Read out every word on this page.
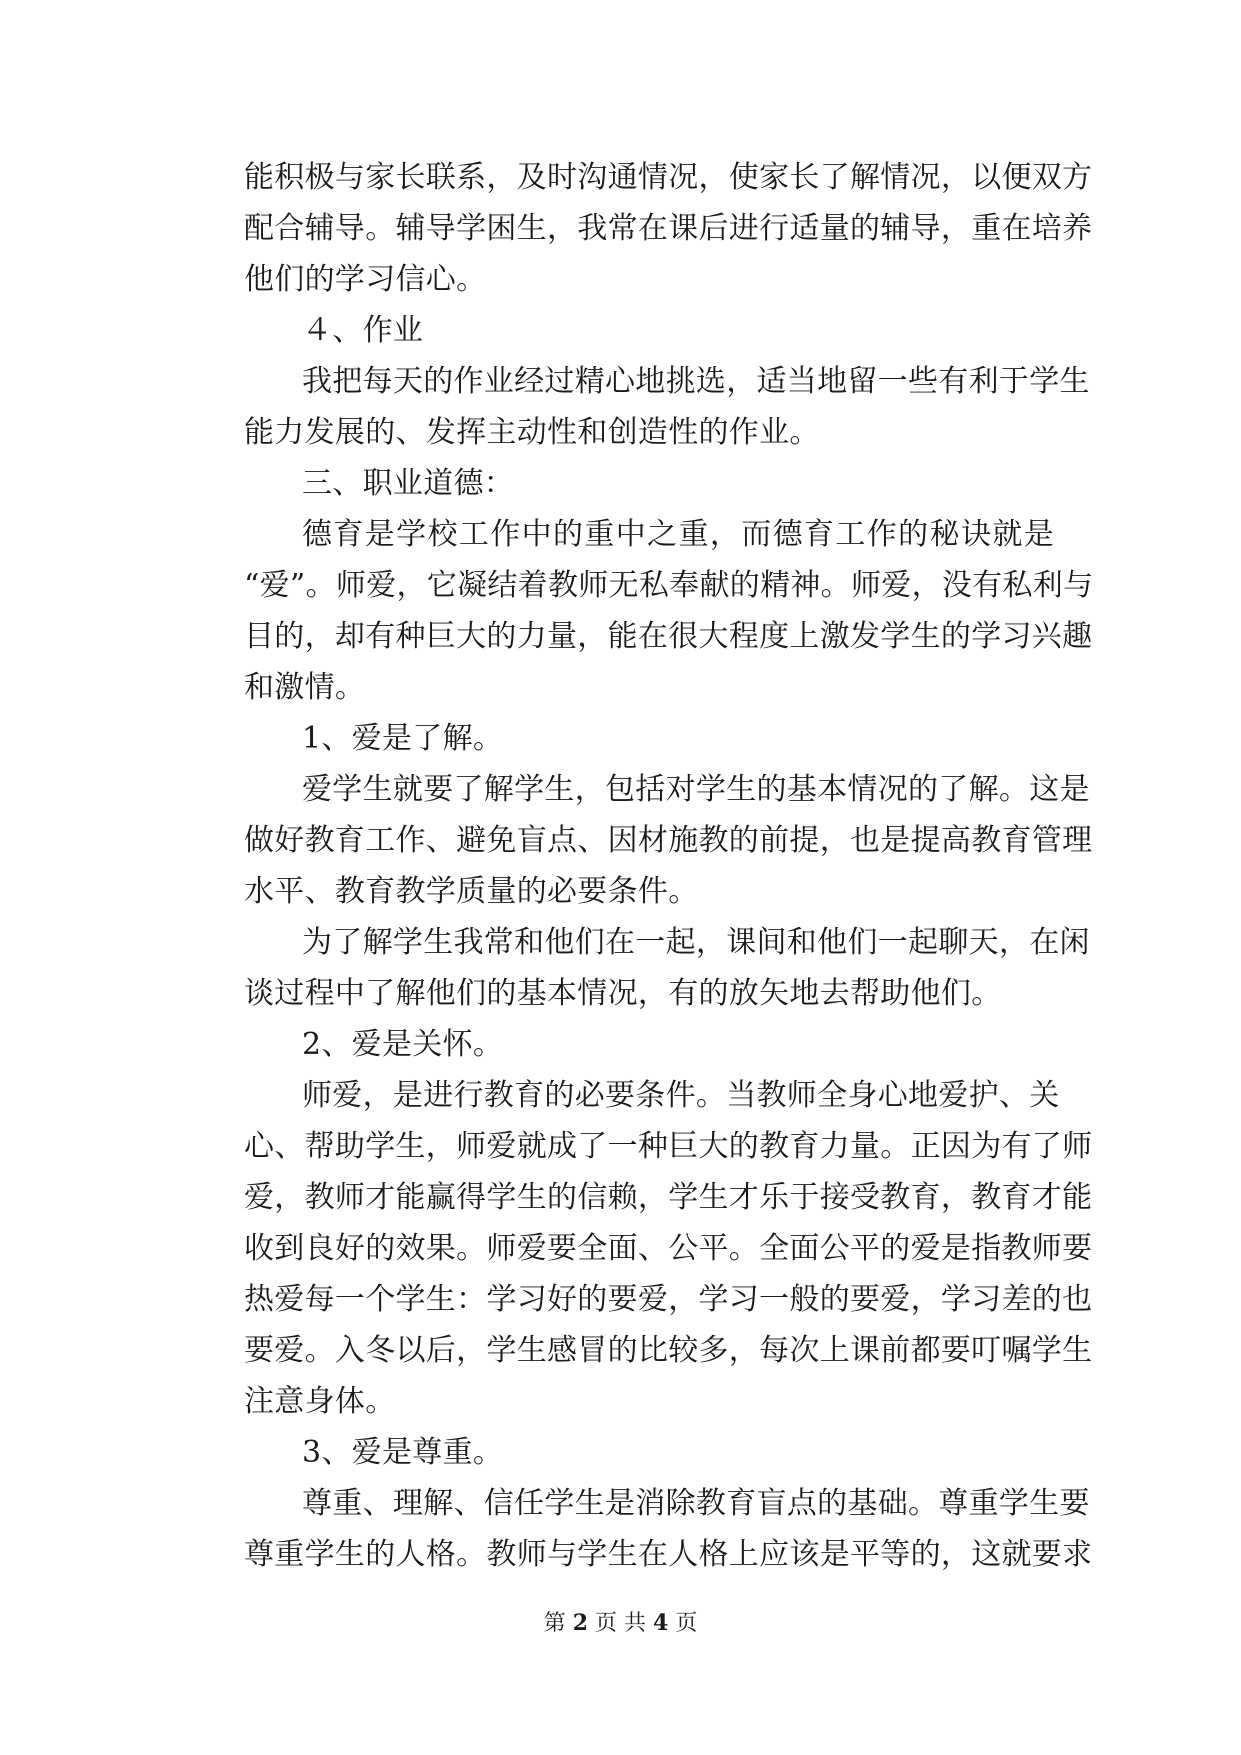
能积极与家长联系，及时沟通情况，使家长了解情况，以便双方
配合辅导。辅导学困生，我常在课后进行适量的辅导，重在培养
他们的学习信心。
４、作业
我把每天的作业经过精心地挑选，适当地留一些有利于学生
能力发展的、发挥主动性和创造性的作业。
三、职业道德：
德育是学校工作中的重中之重，而德育工作的秘诀就是
“爱”。师爱，它凝结着教师无私奉献的精神。师爱，没有私利与
目的，却有种巨大的力量，能在很大程度上激发学生的学习兴趣
和激情。
1、爱是了解。
爱学生就要了解学生，包括对学生的基本情况的了解。这是
做好教育工作、避免盲点、因材施教的前提，也是提高教育管理
水平、教育教学质量的必要条件。
为了解学生我常和他们在一起，课间和他们一起聊天，在闲
谈过程中了解他们的基本情况，有的放矢地去帮助他们。
2、爱是关怀。
师爱，是进行教育的必要条件。当教师全身心地爱护、关
心、帮助学生，师爱就成了一种巨大的教育力量。正因为有了师
爱，教师才能赢得学生的信赖，学生才乐于接受教育，教育才能
收到良好的效果。师爱要全面、公平。全面公平的爱是指教师要
热爱每一个学生：学习好的要爱，学习一般的要爱，学习差的也
要爱。入冬以后，学生感冒的比较多，每次上课前都要叮嘱学生
注意身体。
3、爱是尊重。
尊重、理解、信任学生是消除教育盲点的基础。尊重学生要
尊重学生的人格。教师与学生在人格上应该是平等的，这就要求
第 2 页 共 4 页
